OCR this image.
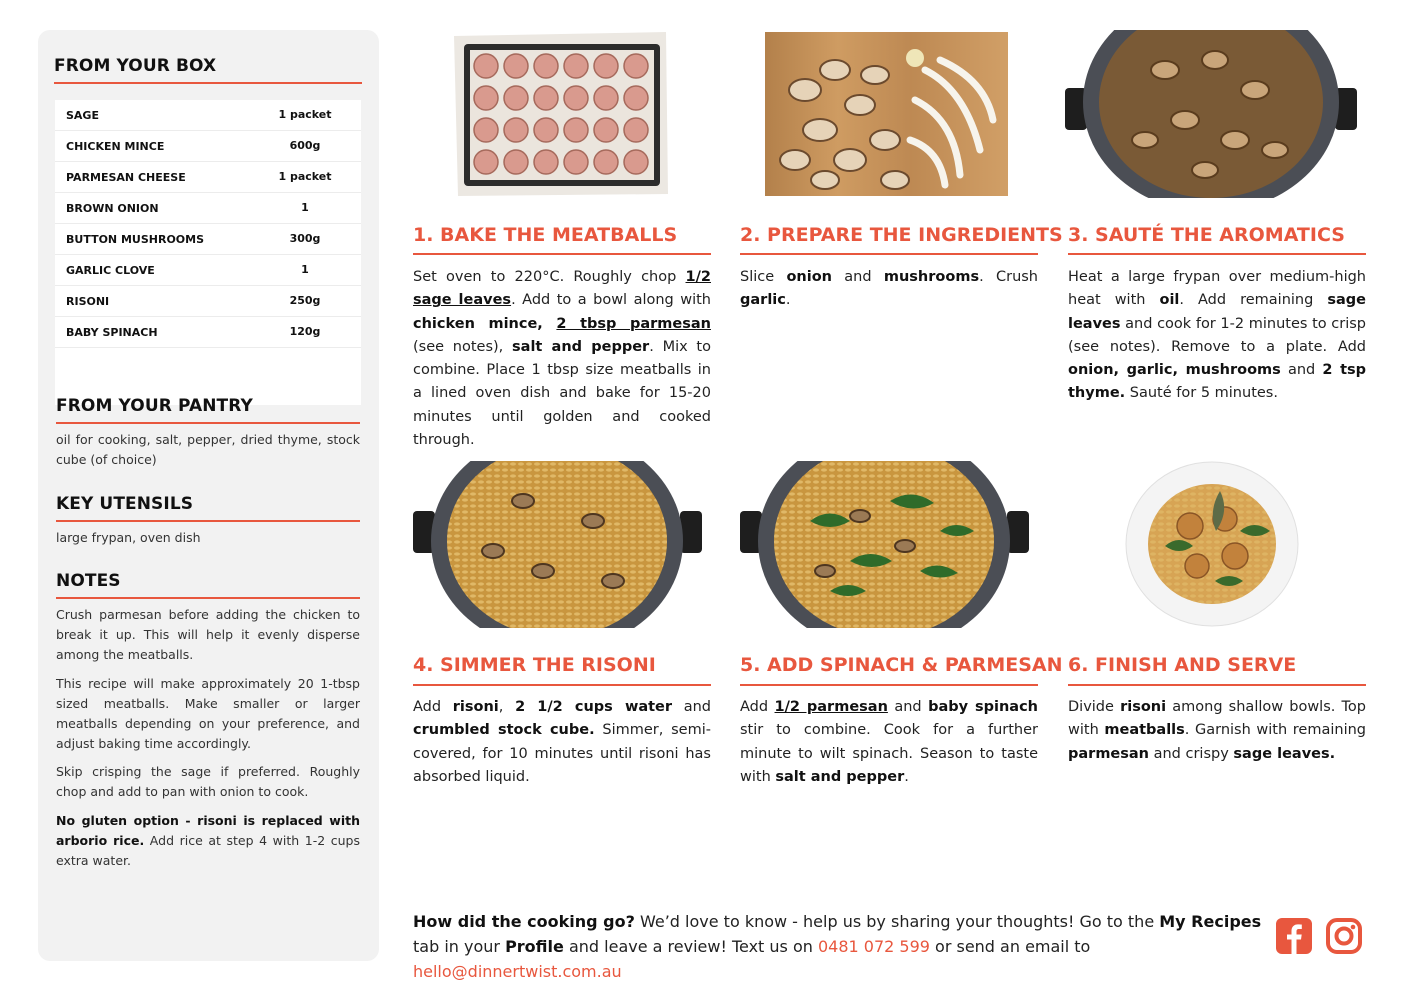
FROM YOUR BOX
SAGE	1 packet
CHICKEN MINCE	600g
PARMESAN CHEESE	1 packet
BROWN ONION	1
BUTTON MUSHROOMS	300g
GARLIC CLOVE	1
RISONI	250g
BABY SPINACH	120g
FROM YOUR PANTRY
oil for cooking, salt, pepper, dried thyme, stock cube (of choice)
KEY UTENSILS
large frypan, oven dish
NOTES
Crush parmesan before adding the chicken to break it up. This will help it evenly disperse among the meatballs.
This recipe will make approximately 20 1-tbsp sized meatballs. Make smaller or larger meatballs depending on your preference, and adjust baking time accordingly.
Skip crisping the sage if preferred. Roughly chop and add to pan with onion to cook.
No gluten option - risoni is replaced with arborio rice. Add rice at step 4 with 1-2 cups extra water.
1. BAKE THE MEATBALLS
Set oven to 220°C. Roughly chop 1/2 sage leaves. Add to a bowl along with chicken mince, 2 tbsp parmesan (see notes), salt and pepper. Mix to combine. Place 1 tbsp size meatballs in a lined oven dish and bake for 15-20 minutes until golden and cooked through.
2. PREPARE THE INGREDIENTS
Slice onion and mushrooms. Crush garlic.
3. SAUTÉ THE AROMATICS
Heat a large frypan over medium-high heat with oil. Add remaining sage leaves and cook for 1-2 minutes to crisp (see notes). Remove to a plate. Add onion, garlic, mushrooms and 2 tsp thyme. Sauté for 5 minutes.
4. SIMMER THE RISONI
Add risoni, 2 1/2 cups water and crumbled stock cube. Simmer, semi-covered, for 10 minutes until risoni has absorbed liquid.
5. ADD SPINACH & PARMESAN
Add 1/2 parmesan and baby spinach stir to combine. Cook for a further minute to wilt spinach. Season to taste with salt and pepper.
6. FINISH AND SERVE
Divide risoni among shallow bowls. Top with meatballs. Garnish with remaining parmesan and crispy sage leaves.
How did the cooking go? We’d love to know - help us by sharing your thoughts! Go to the My Recipes tab in your Profile and leave a review! Text us on 0481 072 599 or send an email to hello@dinnertwist.com.au
